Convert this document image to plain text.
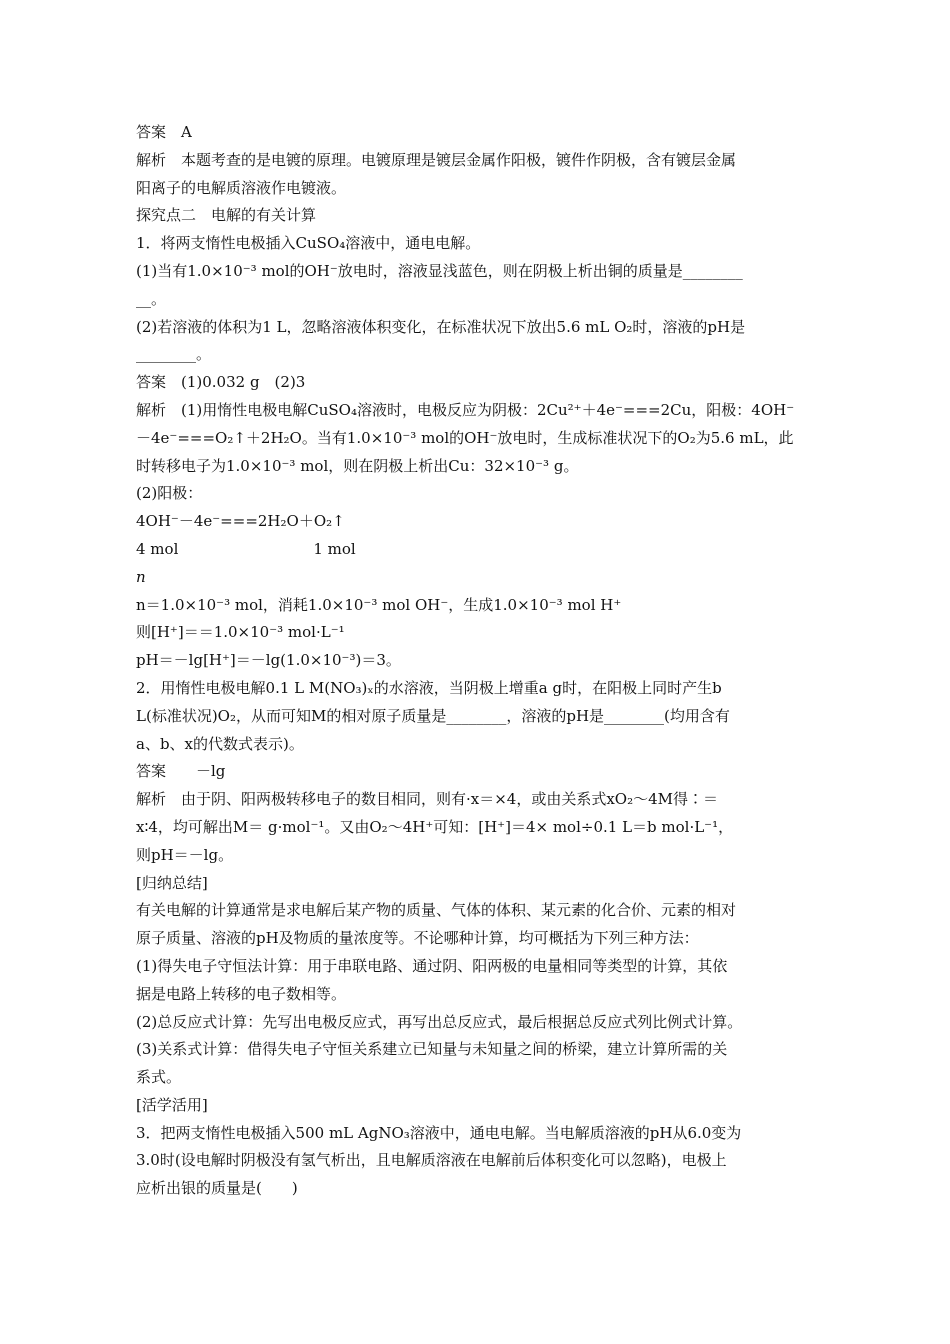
答案　A
解析　本题考查的是电镀的原理。电镀原理是镀层金属作阳极，镀件作阴极，含有镀层金属
阳离子的电解质溶液作电镀液。
探究点二　电解的有关计算
1．将两支惰性电极插入CuSO₄溶液中，通电电解。
(1)当有1.0×10⁻³ mol的OH⁻放电时，溶液显浅蓝色，则在阴极上析出铜的质量是________
__。
(2)若溶液的体积为1 L，忽略溶液体积变化，在标准状况下放出5.6 mL O₂时，溶液的pH是
________。
答案　(1)0.032 g　(2)3
解析　(1)用惰性电极电解CuSO₄溶液时，电极反应为阴极：2Cu²⁺＋4e⁻===2Cu，阳极：4OH⁻
－4e⁻===O₂↑＋2H₂O。当有1.0×10⁻³ mol的OH⁻放电时，生成标准状况下的O₂为5.6 mL，此
时转移电子为1.0×10⁻³ mol，则在阴极上析出Cu：32×10⁻³ g。
(2)阳极：
4OH⁻－4e⁻===2H₂O＋O₂↑
4 mol　　　　　　　　　1 mol
n
n＝1.0×10⁻³ mol，消耗1.0×10⁻³ mol OH⁻，生成1.0×10⁻³ mol H⁺
则[H⁺]＝＝1.0×10⁻³ mol·L⁻¹
pH＝－lg[H⁺]＝－lg(1.0×10⁻³)＝3。
2．用惰性电极电解0.1 L M(NO₃)ₓ的水溶液，当阴极上增重a g时，在阳极上同时产生b
L(标准状况)O₂，从而可知M的相对原子质量是________，溶液的pH是________(均用含有
a、b、x的代数式表示)。
答案　　－lg
解析　由于阴、阳两极转移电子的数目相同，则有·x＝×4，或由关系式xO₂～4M得∶＝
x∶4，均可解出M＝ g·mol⁻¹。又由O₂～4H⁺可知：[H⁺]＝4× mol÷0.1 L＝b mol·L⁻¹，
则pH＝－lg。
[归纳总结]
有关电解的计算通常是求电解后某产物的质量、气体的体积、某元素的化合价、元素的相对
原子质量、溶液的pH及物质的量浓度等。不论哪种计算，均可概括为下列三种方法：
(1)得失电子守恒法计算：用于串联电路、通过阴、阳两极的电量相同等类型的计算，其依
据是电路上转移的电子数相等。
(2)总反应式计算：先写出电极反应式，再写出总反应式，最后根据总反应式列比例式计算。
(3)关系式计算：借得失电子守恒关系建立已知量与未知量之间的桥梁，建立计算所需的关
系式。
[活学活用]
3．把两支惰性电极插入500 mL AgNO₃溶液中，通电电解。当电解质溶液的pH从6.0变为
3.0时(设电解时阴极没有氢气析出，且电解质溶液在电解前后体积变化可以忽略)，电极上
应析出银的质量是(　　)
